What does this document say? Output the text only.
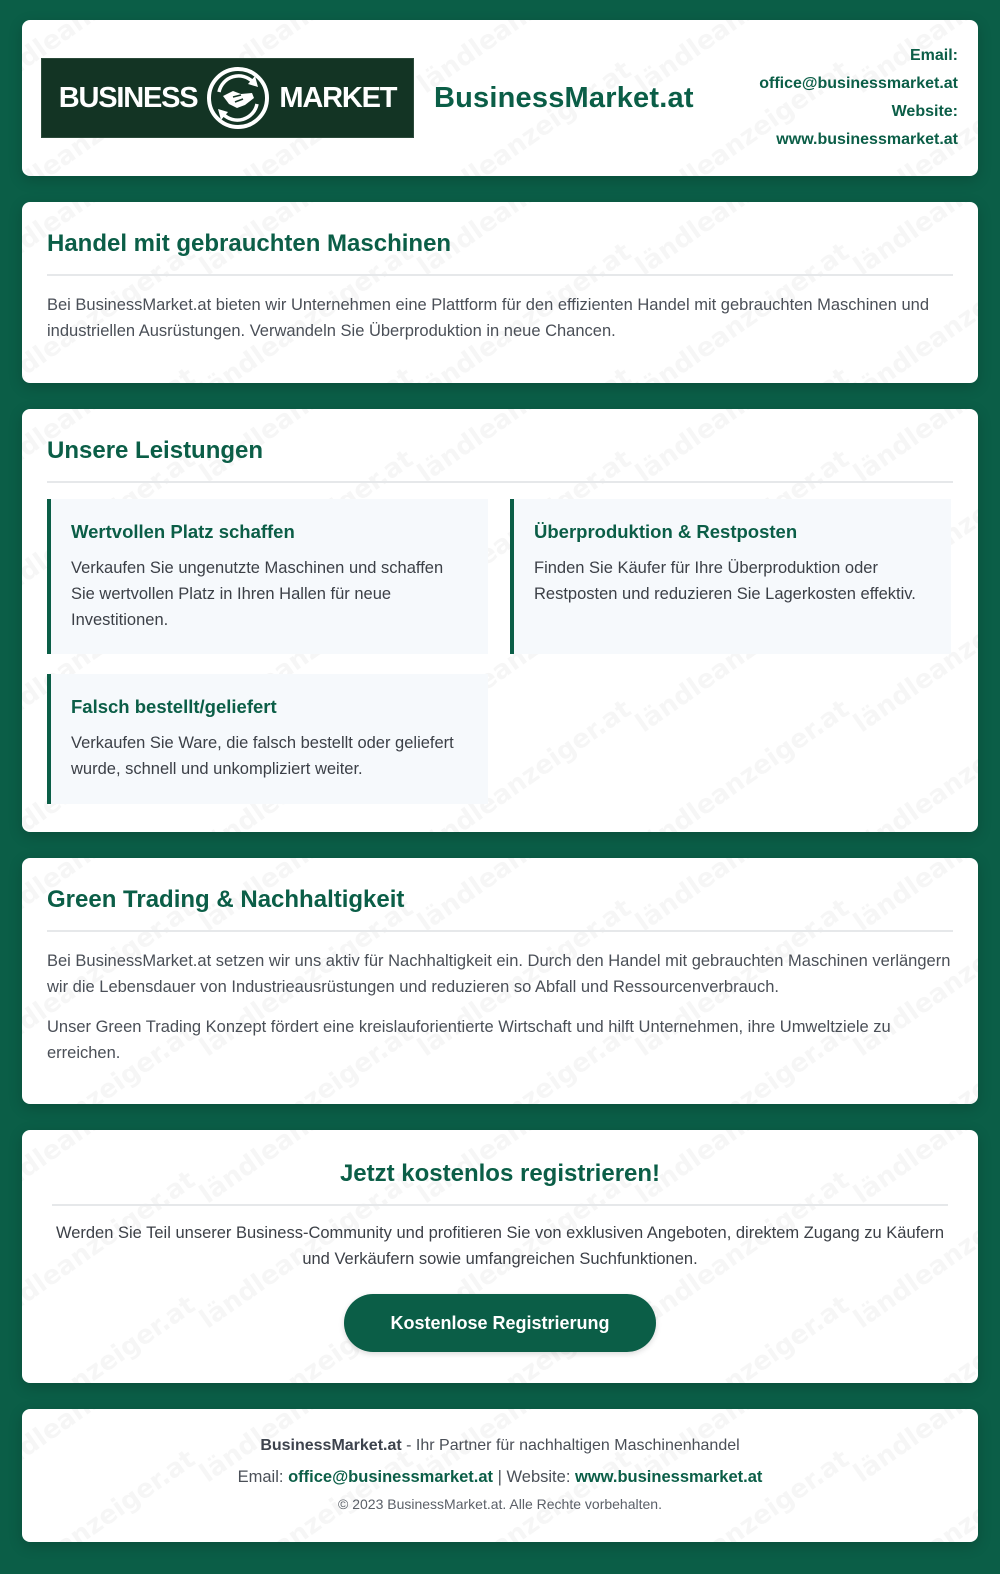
BUSINESS	MARKET BusinessMarket.at
Email:
office@businessmarket.at
Website:
www.businessmarket.at
Handel mit gebrauchten Maschinen

Bei BusinessMarket.at bieten wir Unternehmen eine Plattform für den effizienten Handel mit gebrauchten Maschinen und industriellen Ausrüstungen. Verwandeln Sie Überproduktion in neue Chancen.

Unsere Leistungen
Wertvollen Platz schaffen
Verkaufen Sie ungenutzte Maschinen und schaffen Sie wertvollen Platz in Ihren Hallen für neue Investitionen.
Überproduktion & Restposten
Finden Sie Käufer für Ihre Überproduktion oder Restposten und reduzieren Sie Lagerkosten effektiv.
Falsch bestellt/geliefert
Verkaufen Sie Ware, die falsch bestellt oder geliefert wurde, schnell und unkompliziert weiter.
Green Trading & Nachhaltigkeit

Bei BusinessMarket.at setzen wir uns aktiv für Nachhaltigkeit ein. Durch den Handel mit gebrauchten Maschinen verlängern wir die Lebensdauer von Industrieausrüstungen und reduzieren so Abfall und Ressourcenverbrauch.

Unser Green Trading Konzept fördert eine kreislauforientierte Wirtschaft und hilft Unternehmen, ihre Umweltziele zu erreichen.

Jetzt kostenlos registrieren!

Werden Sie Teil unserer Business-Community und profitieren Sie von exklusiven Angeboten, direktem Zugang zu Käufern und Verkäufern sowie umfangreichen Suchfunktionen.

Kostenlose Registrierung
BusinessMarket.at - Ihr Partner für nachhaltigen Maschinenhandel
Email: office@businessmarket.at | Website: www.businessmarket.at
© 2023 BusinessMarket.at. Alle Rechte vorbehalten.
